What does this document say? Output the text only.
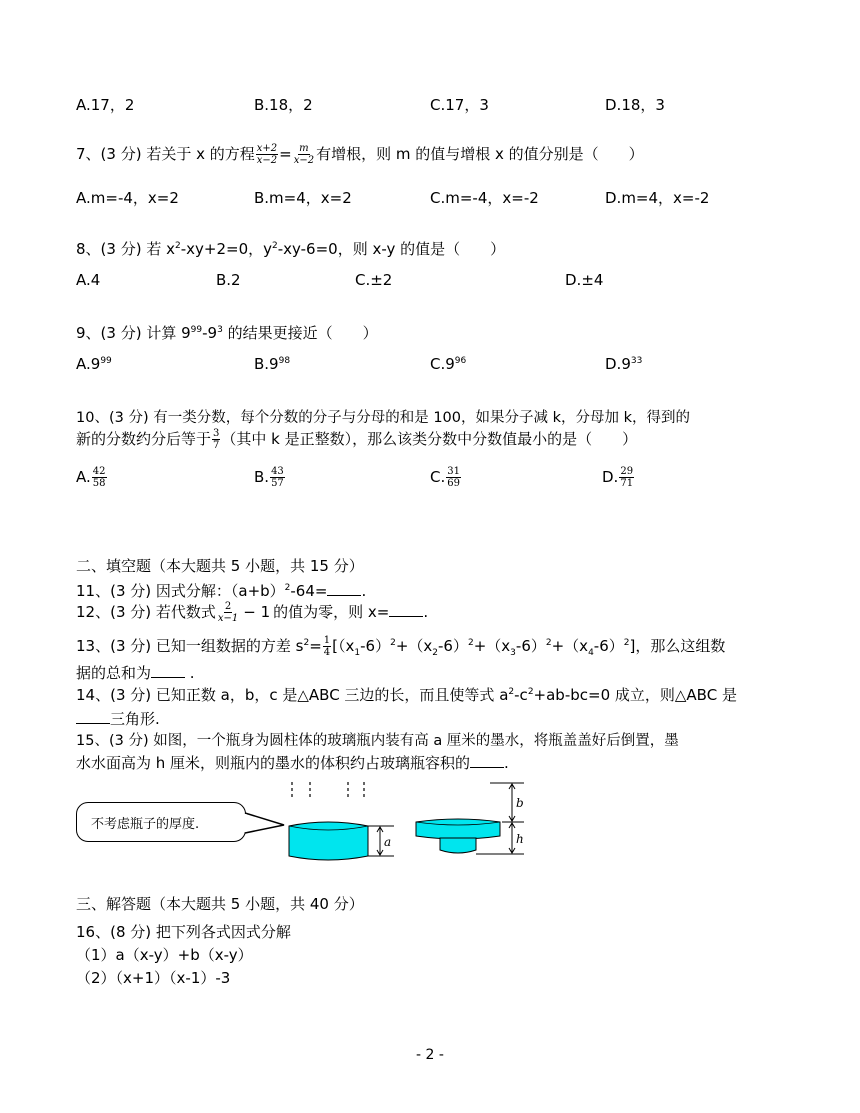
A.17，2	B.18，2	C.17，3	D.18，3
7、(3 分) 若关于 x 的方程 $\frac{x+2}{x-2} = \frac{m}{x-2}$ 有增根，则 m 的值与增根 x 的值分别是（　　）
A.m=-4，x=2	B.m=4，x=2	C.m=-4，x=-2	D.m=4，x=-2
8、(3 分) 若 $x^2-xy+2=0$，$y^2-xy-6=0$，则 x-y 的值是（　　）
A.4	B.2	C.±2	D.±4
9、(3 分) 计算 $9^{99}-9^3$ 的结果更接近（　　）
$A.9^{99}$	$B.9^{98}$	$C.9^{96}$	$D.9^{33}$
10、(3 分) 有一类分数，每个分数的分子与分母的和是 100，如果分子减 k，分母加 k，得到的
新的分数约分后等于 $\frac{3}{7}$ （其中 k 是正整数），那么该类分数中分数值最小的是（　　）
A. $\frac{42}{58}$	B. $\frac{43}{57}$	C. $\frac{31}{69}$	D. $\frac{29}{71}$
二、填空题（本大题共 5 小题，共 15 分）
11、(3 分) 因式分解：$(a+b)^2-64=$ .
12、(3 分) 若代数式 $\frac{2}{x-1} - 1$ 的值为零，则 x= .
13、(3 分) 已知一组数据的方差 $s^2= \frac{1}{4} [(x_1-6)^2+(x_2-6)^2+(x_3-6)^2+(x_4-6)^2]$，那么这组数
据的总和为 .
14、(3 分) 已知正数 a，b，c 是△ABC 三边的长，而且使等式 $a^2-c^2+ab-bc=0$ 成立，则△ABC 是
三角形.
15、(3 分) 如图，一个瓶身为圆柱体的玻璃瓶内装有高 a 厘米的墨水，将瓶盖盖好后倒置，墨
水水面高为 h 厘米，则瓶内的墨水的体积约占玻璃瓶容积的 .
不考虑瓶子的厚度.
a
b
h
三、解答题（本大题共 5 小题，共 40 分）
16、(8 分) 把下列各式因式分解
（1）a（x-y）+b（x-y）
（2）（x+1）（x-1）-3
- 2 -
